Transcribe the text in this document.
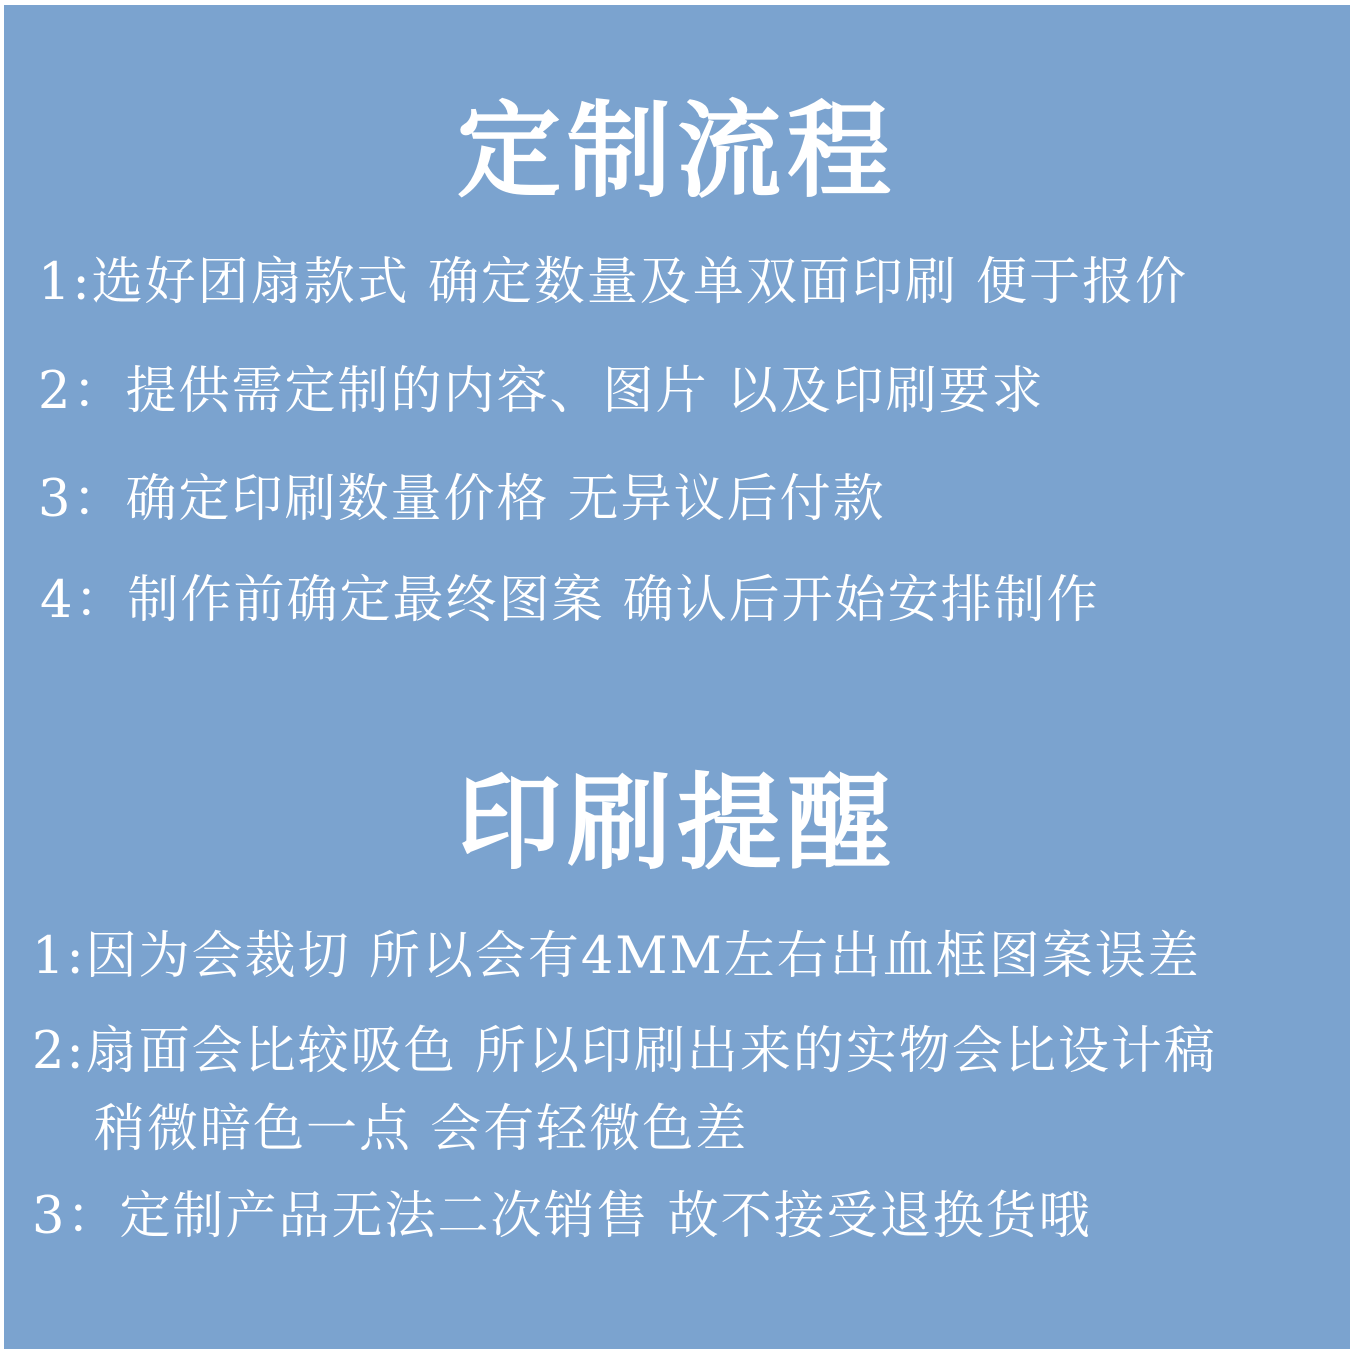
定制流程
1:选好团扇款式 确定数量及单双面印刷 便于报价
2：提供需定制的内容、图片 以及印刷要求
3：确定印刷数量价格 无异议后付款
4：制作前确定最终图案 确认后开始安排制作
印刷提醒
1:因为会裁切 所以会有4MM左右出血框图案误差
2:扇面会比较吸色 所以印刷出来的实物会比设计稿
稍微暗色一点 会有轻微色差
3：定制产品无法二次销售 故不接受退换货哦
